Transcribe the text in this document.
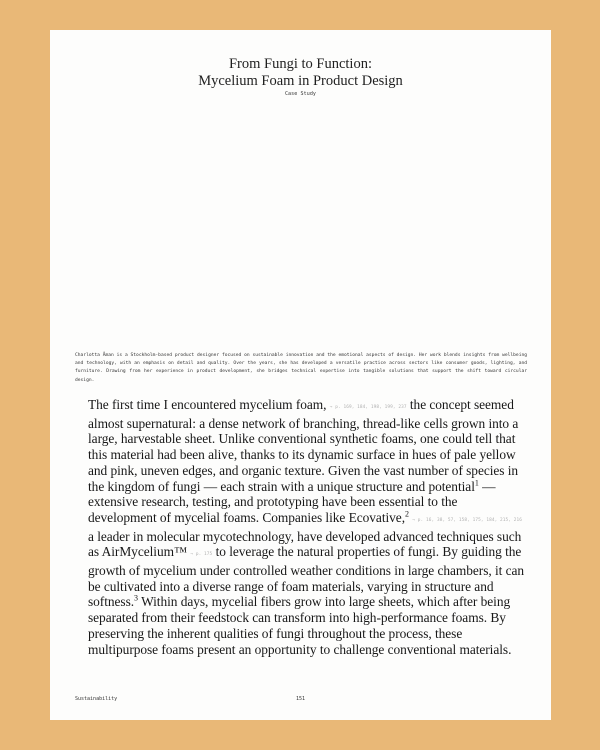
From Fungi to Function:
Mycelium Foam in Product Design
Case Study
Charlotta Åman is a Stockholm-based product designer focused on sustainable innovation and the emotional aspects of design. Her work blends insights from wellbeing and technology, with an emphasis on detail and quality. Over the years, she has developed a versatile practice across sectors like consumer goods, lighting, and furniture. Drawing from her experience in product development, she bridges technical expertise into tangible solutions that support the shift toward circular design.
The first time I encountered mycelium foam, → p. 169, 184, 198, 199, 237 the concept seemed almost supernatural: a dense network of branching, thread-like cells grown into a large, harvestable sheet. Unlike conventional synthetic foams, one could tell that this material had been alive, thanks to its dynamic surface in hues of pale yellow and pink, uneven edges, and organic texture. Given the vast number of species in the kingdom of fungi — each strain with a unique structure and potential$^1$ — extensive research, testing, and prototyping have been essential to the development of mycelial foams. Companies like Ecovative,$^2$ → p. 16, 38, 57, 158, 175, 184, 215, 216 a leader in molecular mycotechnology, have developed advanced techniques such as AirMycelium™ → p. 175 to leverage the natural properties of fungi. By guiding the growth of mycelium under controlled weather conditions in large chambers, it can be cultivated into a diverse range of foam materials, varying in structure and softness.$^3$ Within days, mycelial fibers grow into large sheets, which after being separated from their feedstock can transform into high-performance foams. By preserving the inherent qualities of fungi throughout the process, these multipurpose foams present an opportunity to challenge conventional materials.
Sustainability	151
